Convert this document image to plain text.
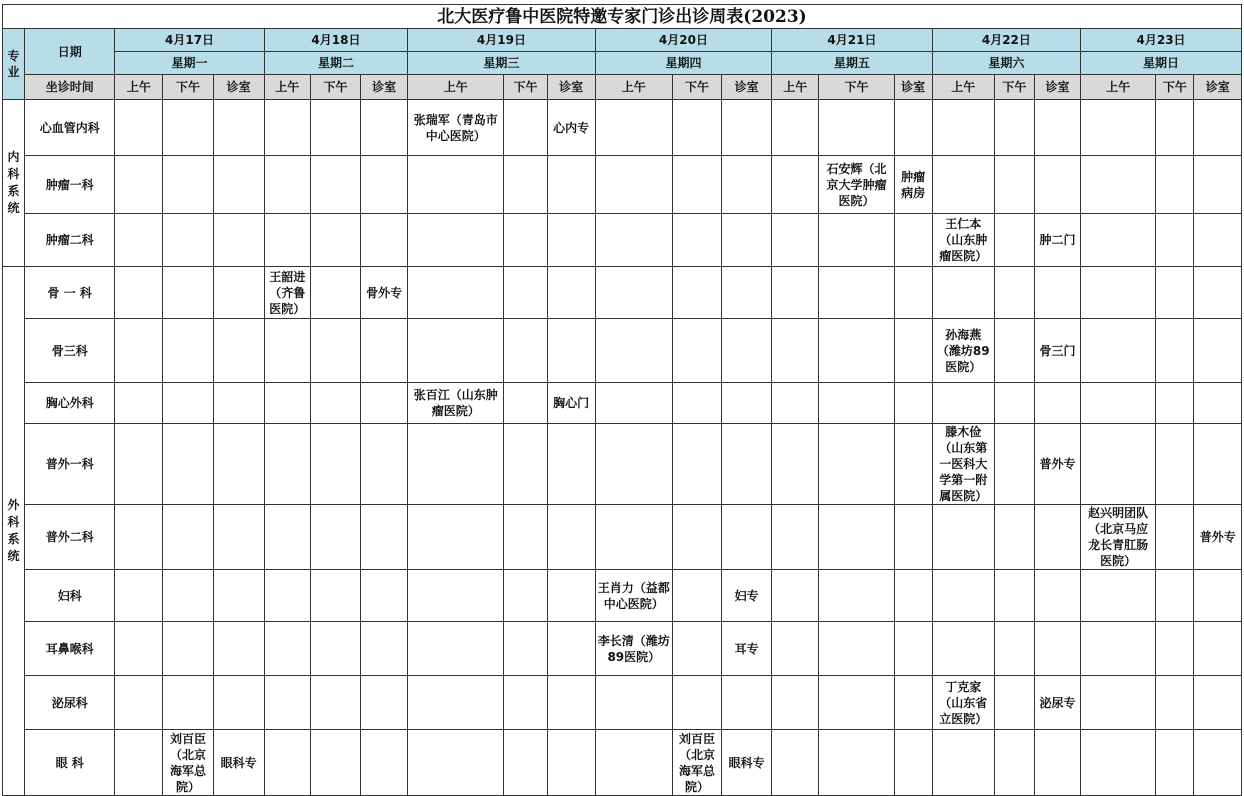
北大医疗鲁中医院特邀专家门诊出诊周表(2023)																						
专业	日期	4月17日			4月18日			4月19日			4月20日			4月21日			4月22日			4月23日		
		星期一			星期二			星期三			星期四			星期五			星期六			星期日		
	坐诊时间	上午	下午	诊室	上午	下午	诊室	上午	下午	诊室	上午	下午	诊室	上午	下午	诊室	上午	下午	诊室	上午	下午	诊室
内科系统	心血管内科							张瑞军（青岛市中心医院）		心内专												
	肿瘤一科														石安辉（北京大学肿瘤医院）	肿瘤病房						
	肿瘤二科																王仁本（山东肿瘤医院）		肿二门			
外科系统	骨 一 科				王韶进（齐鲁医院）		骨外专															
	骨三科																孙海燕（潍坊89医院）		骨三门			
	胸心外科							张百江（山东肿瘤医院）		胸心门												
	普外一科																滕木俭（山东第一医科大学第一附属医院）		普外专			
	普外二科																			赵兴明团队（北京马应龙长青肛肠医院）		普外专
	妇科										王肖力（益都中心医院）		妇专									
	耳鼻喉科										李长清（潍坊89医院）		耳专									
	泌尿科																丁克家（山东省立医院）		泌尿专			
	眼 科		刘百臣（北京海军总院）	眼科专								刘百臣（北京海军总院）	眼科专									
